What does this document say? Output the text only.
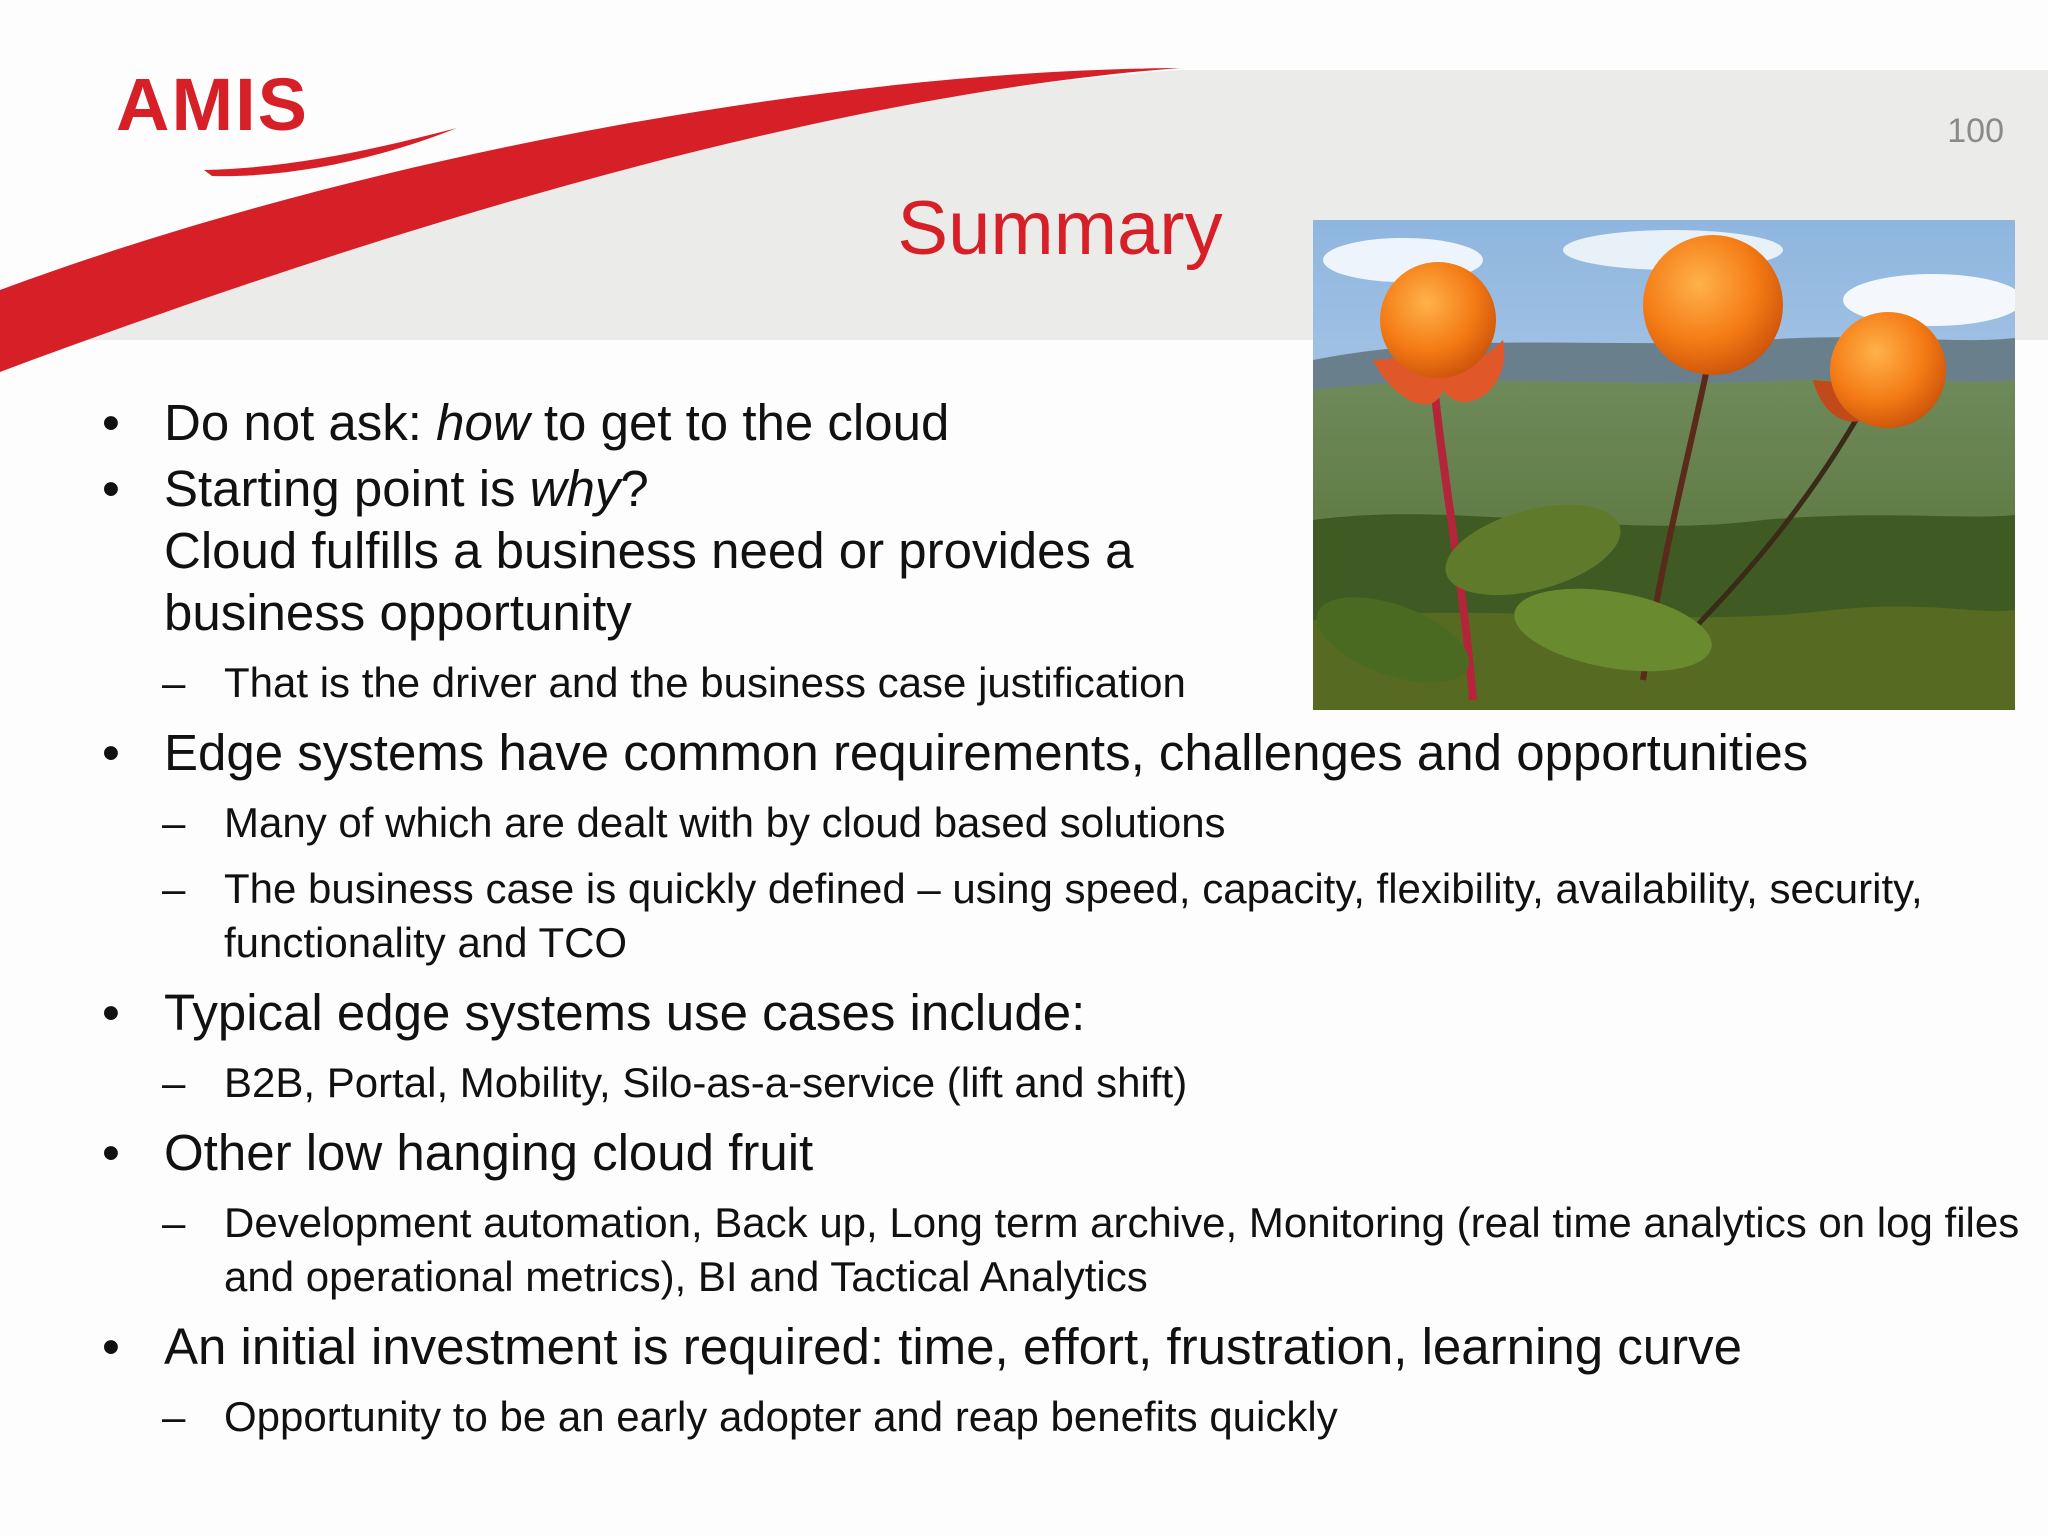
AMIS	100
Summary
• Do not ask: how to get to the cloud
• Starting point is why?
Cloud fulfills a business need or provides a
business opportunity
– That is the driver and the business case justification
• Edge systems have common requirements, challenges and opportunities
– Many of which are dealt with by cloud based solutions
– The business case is quickly defined – using speed, capacity, flexibility, availability, security, functionality and TCO
• Typical edge systems use cases include:
– B2B, Portal, Mobility, Silo-as-a-service (lift and shift)
• Other low hanging cloud fruit
– Development automation, Back up, Long term archive, Monitoring (real time analytics on log files and operational metrics), BI and Tactical Analytics
• An initial investment is required: time, effort, frustration, learning curve
– Opportunity to be an early adopter and reap benefits quickly
